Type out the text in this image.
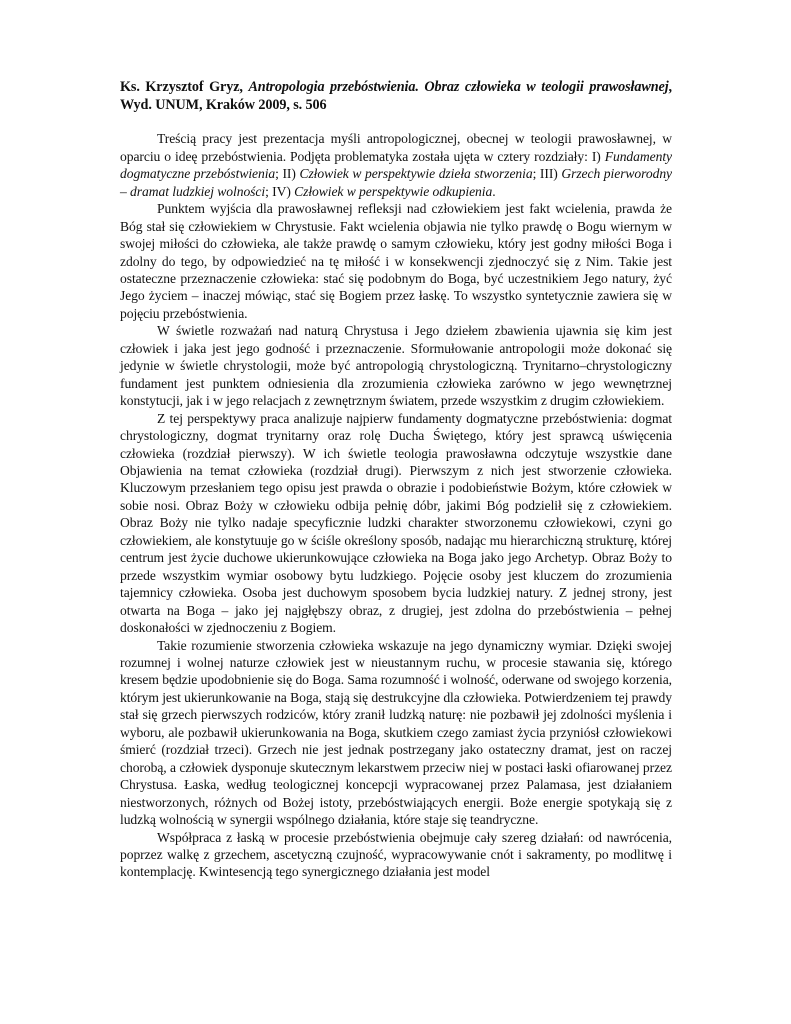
Ks. Krzysztof Gryz, Antropologia przebóstwienia. Obraz człowieka w teologii prawosławnej, Wyd. UNUM, Kraków 2009, s. 506

Treścią pracy jest prezentacja myśli antropologicznej, obecnej w teologii prawosławnej, w oparciu o ideę przebóstwienia. Podjęta problematyka została ujęta w cztery rozdziały: I) Fundamenty dogmatyczne przebóstwienia; II) Człowiek w perspektywie dzieła stworzenia; III) Grzech pierworodny – dramat ludzkiej wolności; IV) Człowiek w perspektywie odkupienia.

Punktem wyjścia dla prawosławnej refleksji nad człowiekiem jest fakt wcielenia, prawda że Bóg stał się człowiekiem w Chrystusie. Fakt wcielenia objawia nie tylko prawdę o Bogu wiernym w swojej miłości do człowieka, ale także prawdę o samym człowieku, który jest godny miłości Boga i zdolny do tego, by odpowiedzieć na tę miłość i w konsekwencji zjednoczyć się z Nim. Takie jest ostateczne przeznaczenie człowieka: stać się podobnym do Boga, być uczestnikiem Jego natury, żyć Jego życiem – inaczej mówiąc, stać się Bogiem przez łaskę. To wszystko syntetycznie zawiera się w pojęciu przebóstwienia.

W świetle rozważań nad naturą Chrystusa i Jego dziełem zbawienia ujawnia się kim jest człowiek i jaka jest jego godność i przeznaczenie. Sformułowanie antropologii może dokonać się jedynie w świetle chrystologii, może być antropologią chrystologiczną. Trynitarno–chrystologiczny fundament jest punktem odniesienia dla zrozumienia człowieka zarówno w jego wewnętrznej konstytucji, jak i w jego relacjach z zewnętrznym światem, przede wszystkim z drugim człowiekiem.

Z tej perspektywy praca analizuje najpierw fundamenty dogmatyczne przebóstwienia: dogmat chrystologiczny, dogmat trynitarny oraz rolę Ducha Świętego, który jest sprawcą uświęcenia człowieka (rozdział pierwszy). W ich świetle teologia prawosławna odczytuje wszystkie dane Objawienia na temat człowieka (rozdział drugi). Pierwszym z nich jest stworzenie człowieka. Kluczowym przesłaniem tego opisu jest prawda o obrazie i podobieństwie Bożym, które człowiek w sobie nosi. Obraz Boży w człowieku odbija pełnię dóbr, jakimi Bóg podzielił się z człowiekiem. Obraz Boży nie tylko nadaje specyficznie ludzki charakter stworzonemu człowiekowi, czyni go człowiekiem, ale konstytuuje go w ściśle określony sposób, nadając mu hierarchiczną strukturę, której centrum jest życie duchowe ukierunkowujące człowieka na Boga jako jego Archetyp. Obraz Boży to przede wszystkim wymiar osobowy bytu ludzkiego. Pojęcie osoby jest kluczem do zrozumienia tajemnicy człowieka. Osoba jest duchowym sposobem bycia ludzkiej natury. Z jednej strony, jest otwarta na Boga – jako jej najgłębszy obraz, z drugiej, jest zdolna do przebóstwienia – pełnej doskonałości w zjednoczeniu z Bogiem.

Takie rozumienie stworzenia człowieka wskazuje na jego dynamiczny wymiar. Dzięki swojej rozumnej i wolnej naturze człowiek jest w nieustannym ruchu, w procesie stawania się, którego kresem będzie upodobnienie się do Boga. Sama rozumność i wolność, oderwane od swojego korzenia, którym jest ukierunkowanie na Boga, stają się destrukcyjne dla człowieka. Potwierdzeniem tej prawdy stał się grzech pierwszych rodziców, który zranił ludzką naturę: nie pozbawił jej zdolności myślenia i wyboru, ale pozbawił ukierunkowania na Boga, skutkiem czego zamiast życia przyniósł człowiekowi śmierć (rozdział trzeci). Grzech nie jest jednak postrzegany jako ostateczny dramat, jest on raczej chorobą, a człowiek dysponuje skutecznym lekarstwem przeciw niej w postaci łaski ofiarowanej przez Chrystusa. Łaska, według teologicznej koncepcji wypracowanej przez Palamasa, jest działaniem niestworzonych, różnych od Bożej istoty, przebóstwiających energii. Boże energie spotykają się z ludzką wolnością w synergii wspólnego działania, które staje się teandryczne.

Współpraca z łaską w procesie przebóstwienia obejmuje cały szereg działań: od nawrócenia, poprzez walkę z grzechem, ascetyczną czujność, wypracowywanie cnót i sakramenty, po modlitwę i kontemplację. Kwintesencją tego synergicznego działania jest model
